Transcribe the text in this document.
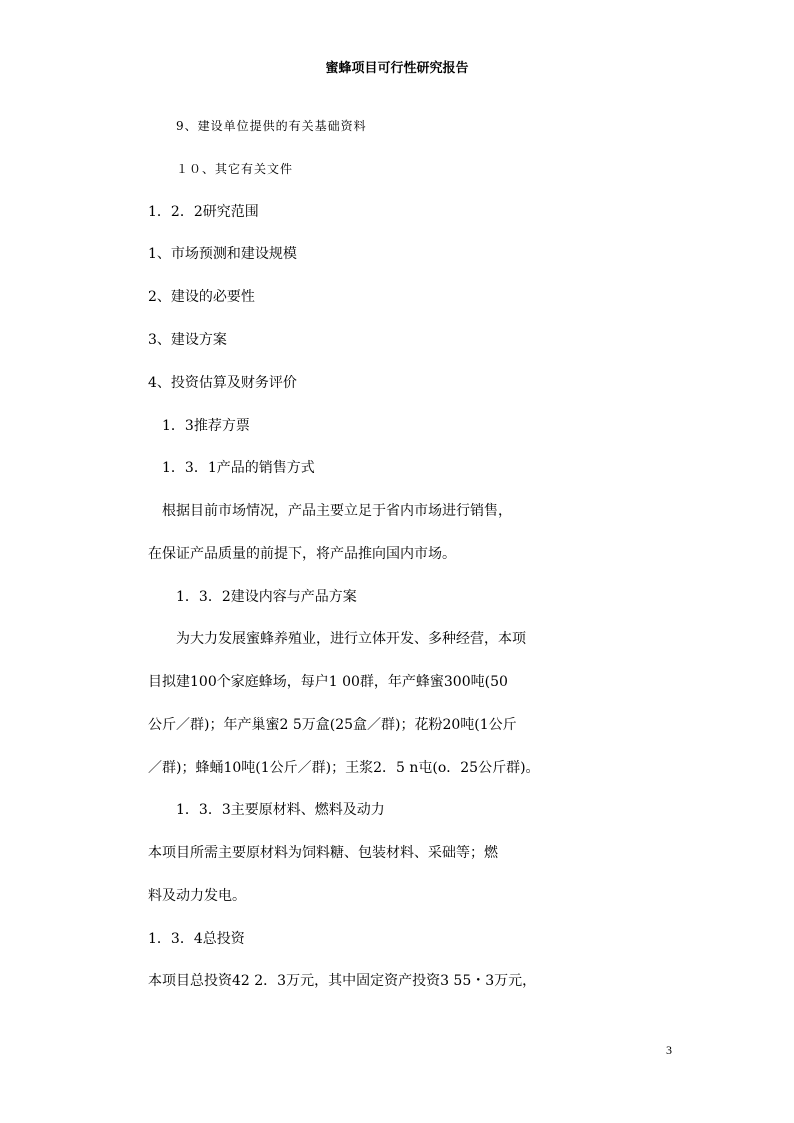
蜜蜂项目可行性研究报告
9、建设单位提供的有关基础资料
１０、其它有关文件
1．2．2研究范围
1、市场预测和建设规模
2、建设的必要性
3、建设方案
4、投资估算及财务评价
1．3推荐方票
1．3．1产品的销售方式
根据目前市场情况，产品主要立足于省内市场进行销售，
在保证产品质量的前提下，将产品推向国内市场。
1．3．2建设内容与产品方案
为大力发展蜜蜂养殖业，进行立体开发、多种经营，本项
目拟建100个家庭蜂场，每户1 00群，年产蜂蜜300吨(50
公斤／群)；年产巢蜜2 5万盒(25盒／群)；花粉20吨(1公斤
／群)；蜂蛹10吨(1公斤／群)；王浆2．5 n屯(o．25公斤群)。
1．3．3主要原材料、燃料及动力
本项目所需主要原材料为饲料糖、包装材料、采础等；燃
料及动力发电。
1．3．4总投资
本项目总投资42 2．3万元，其中固定资产投资3 55・3万元，
3
